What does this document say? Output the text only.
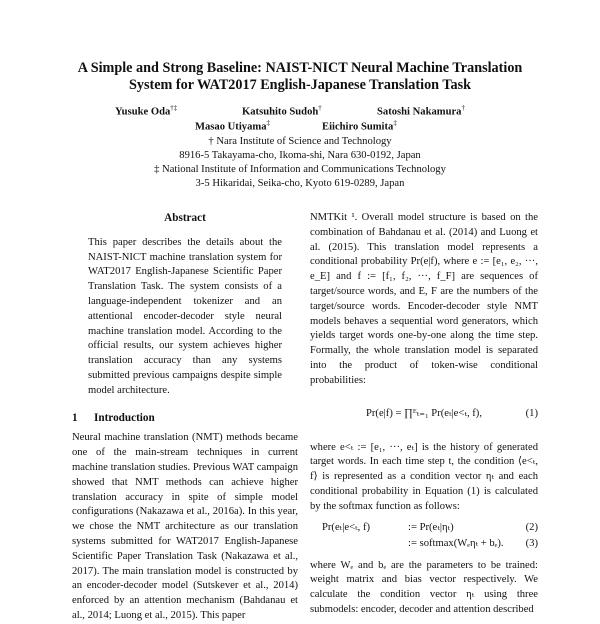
A Simple and Strong Baseline: NAIST-NICT Neural Machine Translation
System for WAT2017 English-Japanese Translation Task
Yusuke Oda†‡	Katsuhito Sudoh†	Satoshi Nakamura†
Masao Utiyama‡	Eiichiro Sumita‡
† Nara Institute of Science and Technology
8916-5 Takayama-cho, Ikoma-shi, Nara 630-0192, Japan
‡ National Institute of Information and Communications Technology
3-5 Hikaridai, Seika-cho, Kyoto 619-0289, Japan
Abstract
This paper describes the details about the NAIST-NICT machine translation system for WAT2017 English-Japanese Scientific Paper Translation Task. The system consists of a language-independent tokenizer and an attentional encoder-decoder style neural machine translation model. According to the official results, our system achieves higher translation accuracy than any systems submitted previous campaigns despite simple model architecture.
1 Introduction
Neural machine translation (NMT) methods became one of the main-stream techniques in current machine translation studies. Previous WAT campaign showed that NMT methods can achieve higher translation accuracy in spite of simple model configurations (Nakazawa et al., 2016a). In this year, we chose the NMT architecture as our translation systems submitted for WAT2017 English-Japanese Scientific Paper Translation Task (Nakazawa et al., 2017). The main translation model is constructed by an encoder-decoder model (Sutskever et al., 2014) enforced by an attention mechanism (Bahdanau et al., 2014; Luong et al., 2015). This paper
NMTKit ¹. Overall model structure is based on the combination of Bahdanau et al. (2014) and Luong et al. (2015). This translation model represents a conditional probability Pr(e|f), where e := [e₁, e₂, ···, e_E] and f := [f₁, f₂, ···, f_F] are sequences of target/source words, and E, F are the numbers of the target/source words. Encoder-decoder style NMT models behaves a sequential word generators, which yields target words one-by-one along the time step. Formally, the whole translation model is separated into the product of token-wise conditional probabilities:
Pr(e|f) = ∏ᴱₜ₌₁ Pr(eₜ|e<ₜ, f),	(1)
where e<ₜ := [e₁, ···, eₜ] is the history of generated target words. In each time step t, the condition ⟨e<ₜ, f⟩ is represented as a condition vector ηₜ and each conditional probability in Equation (1) is calculated by the softmax function as follows:
Pr(eₜ|e<ₜ, f)	:= Pr(eₜ|ηₜ)	(2)
:= softmax(Wₑηₜ + bₑ). (3)
where Wₑ and bₑ are the parameters to be trained: weight matrix and bias vector respectively. We calculate the condition vector ηₜ using three submodels: encoder, decoder and attention described
